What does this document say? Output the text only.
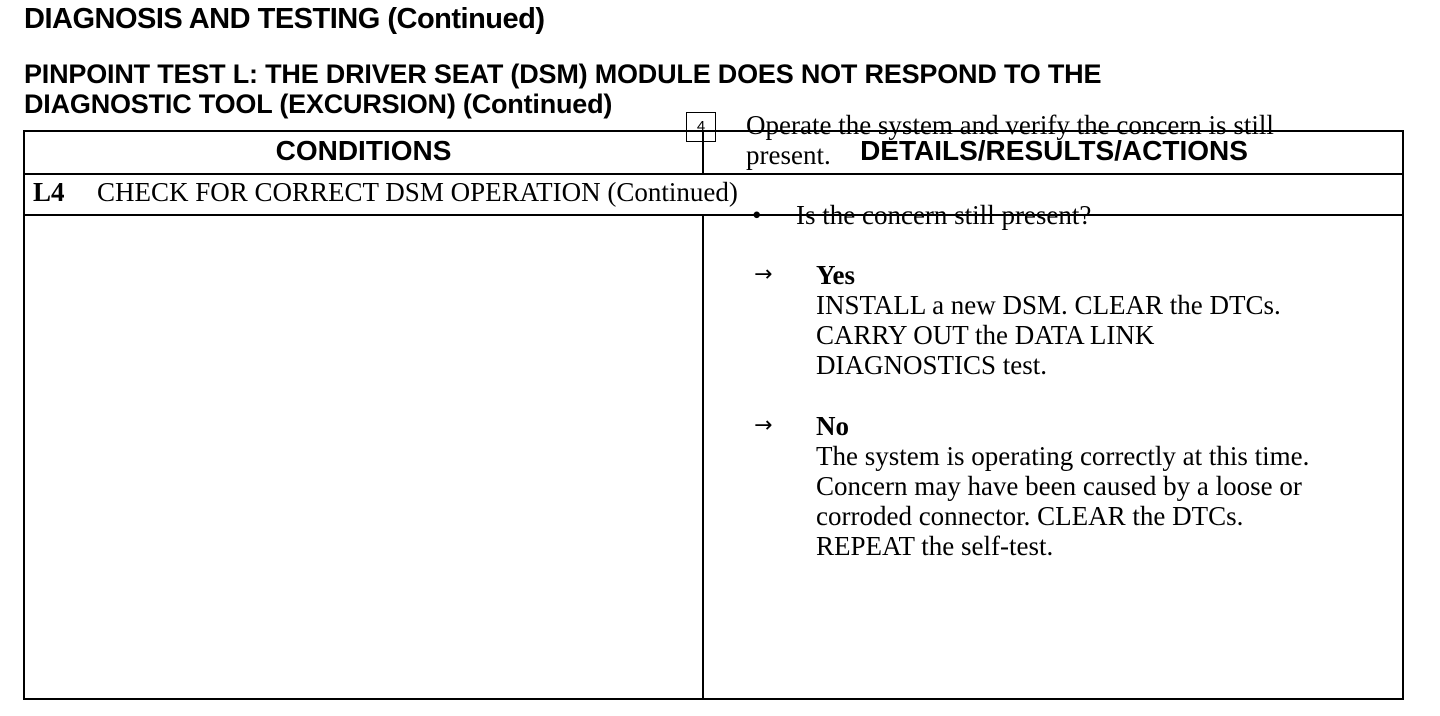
DIAGNOSIS AND TESTING (Continued)
PINPOINT TEST L: THE DRIVER SEAT (DSM) MODULE DOES NOT RESPOND TO THE
DIAGNOSTIC TOOL (EXCURSION) (Continued)
CONDITIONS	DETAILS/RESULTS/ACTIONS
L4 CHECK FOR CORRECT DSM OPERATION (Continued)
4	Operate the system and verify the concern is still present.
• Is the concern still present?
→ Yes
INSTALL a new DSM. CLEAR the DTCs.
CARRY OUT the DATA LINK
DIAGNOSTICS test.
→ No
The system is operating correctly at this time.
Concern may have been caused by a loose or
corroded connector. CLEAR the DTCs.
REPEAT the self-test.
